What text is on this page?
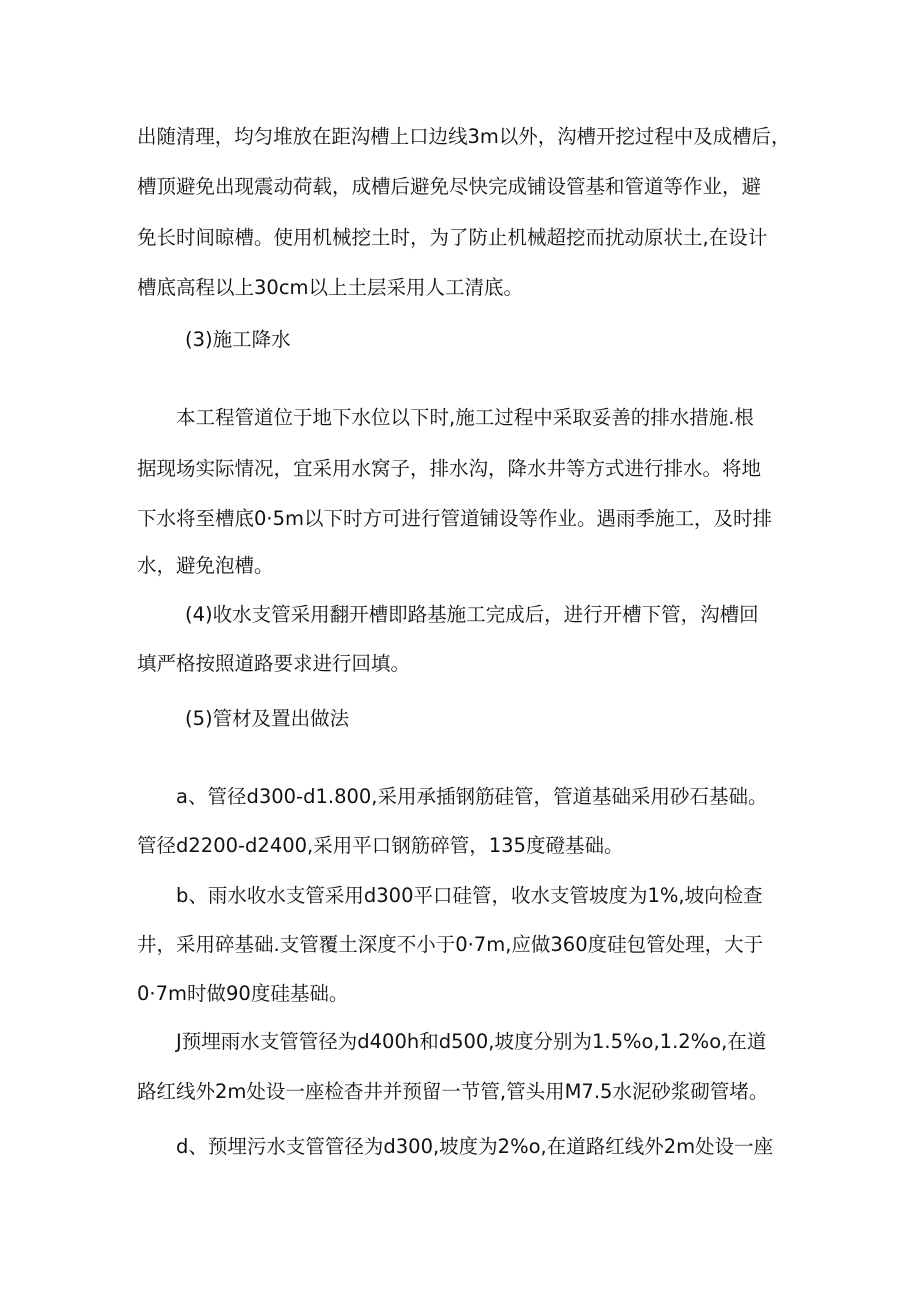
出随清理，均匀堆放在距沟槽上口边线3m以外，沟槽开挖过程中及成槽后，
槽顶避免出现震动荷载，成槽后避免尽快完成铺设管基和管道等作业，避
免长时间晾槽。使用机械挖土时，为了防止机械超挖而扰动原状土,在设计
槽底高程以上30cm以上土层采用人工清底。
(3)施工降水
本工程管道位于地下水位以下时,施工过程中采取妥善的排水措施.根
据现场实际情况，宜采用水窝子，排水沟，降水井等方式进行排水。将地
下水将至槽底0·5m以下时方可进行管道铺设等作业。遇雨季施工，及时排
水，避免泡槽。
(4)收水支管采用翻开槽即路基施工完成后，进行开槽下管，沟槽回
填严格按照道路要求进行回填。
(5)管材及置出做法
a、管径d300-d1.800,采用承插钢筋硅管，管道基础采用砂石基础。
管径d2200-d2400,采用平口钢筋碎管，135度磴基础。
b、雨水收水支管采用d300平口硅管，收水支管坡度为1%,坡向检查
井，采用碎基础.支管覆土深度不小于0·7m,应做360度硅包管处理，大于
0·7m时做90度硅基础。
J预埋雨水支管管径为d400h和d500,坡度分别为1.5%o,1.2%o,在道
路红线外2m处设一座检杳井并预留一节管,管头用M7.5水泥砂浆砌管堵。
d、预埋污水支管管径为d300,坡度为2%o,在道路红线外2m处设一座
